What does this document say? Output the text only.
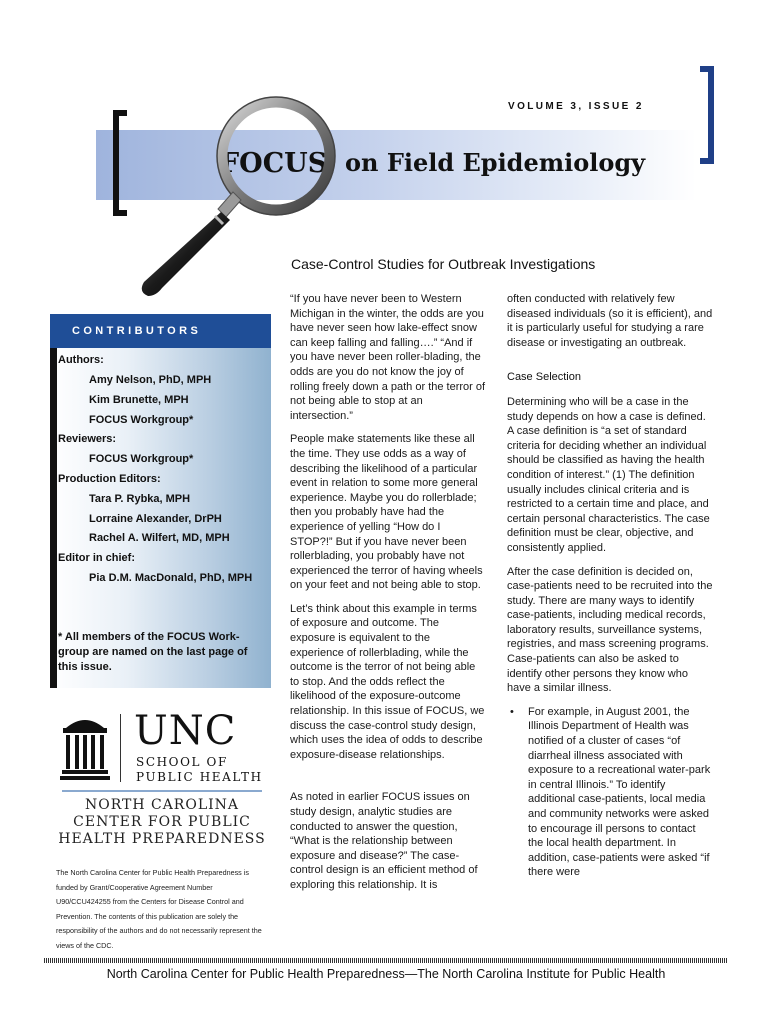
VOLUME 3, ISSUE 2
FOCUS on Field Epidemiology
Case-Control Studies for Outbreak Investigations
CONTRIBUTORS
Authors:
Amy Nelson, PhD, MPH
Kim Brunette, MPH
FOCUS Workgroup*
Reviewers:
FOCUS Workgroup*
Production Editors:
Tara P. Rybka, MPH
Lorraine Alexander, DrPH
Rachel A. Wilfert, MD, MPH
Editor in chief:
Pia D.M. MacDonald, PhD, MPH
* All members of the FOCUS Work-group are named on the last page of this issue.
UNC
SCHOOL OF
PUBLIC HEALTH
NORTH CAROLINA
CENTER FOR PUBLIC
HEALTH PREPAREDNESS
The North Carolina Center for Public Health Preparedness is funded by Grant/Cooperative Agreement Number U90/CCU424255 from the Centers for Disease Control and Prevention. The contents of this publication are solely the responsibility of the authors and do not necessarily represent the views of the CDC.

“If you have never been to Western Michigan in the winter, the odds are you have never seen how lake-effect snow can keep falling and falling….” “And if you have never been roller-blading, the odds are you do not know the joy of rolling freely down a path or the terror of not being able to stop at an intersection.”

People make statements like these all the time. They use odds as a way of describing the likelihood of a particular event in relation to some more general experience. Maybe you do rollerblade; then you probably have had the experience of yelling “How do I STOP?!” But if you have never been rollerblading, you probably have not experienced the terror of having wheels on your feet and not being able to stop.

Let’s think about this example in terms of exposure and outcome. The exposure is equivalent to the experience of rollerblading, while the outcome is the terror of not being able to stop. And the odds reflect the likelihood of the exposure-outcome relationship. In this issue of FOCUS, we discuss the case-control study design, which uses the idea of odds to describe exposure-disease relationships.

As noted in earlier FOCUS issues on study design, analytic studies are conducted to answer the question, “What is the relationship between exposure and disease?” The case-control design is an efficient method of exploring this relationship. It is

often conducted with relatively few diseased individuals (so it is efficient), and it is particularly useful for studying a rare disease or investigating an outbreak.

Case Selection

Determining who will be a case in the study depends on how a case is defined. A case definition is “a set of standard criteria for deciding whether an individual should be classified as having the health condition of interest.” (1) The definition usually includes clinical criteria and is restricted to a certain time and place, and certain personal characteristics. The case definition must be clear, objective, and consistently applied.

After the case definition is decided on, case-patients need to be recruited into the study. There are many ways to identify case-patients, including medical records, laboratory results, surveillance systems, registries, and mass screening programs. Case-patients can also be asked to identify other persons they know who have a similar illness.

• For example, in August 2001, the Illinois Department of Health was notified of a cluster of cases “of diarrheal illness associated with exposure to a recreational water-park in central Illinois.” To identify additional case-patients, local media and community networks were asked to encourage ill persons to contact the local health department. In addition, case-patients were asked “if there were
North Carolina Center for Public Health Preparedness—The North Carolina Institute for Public Health
